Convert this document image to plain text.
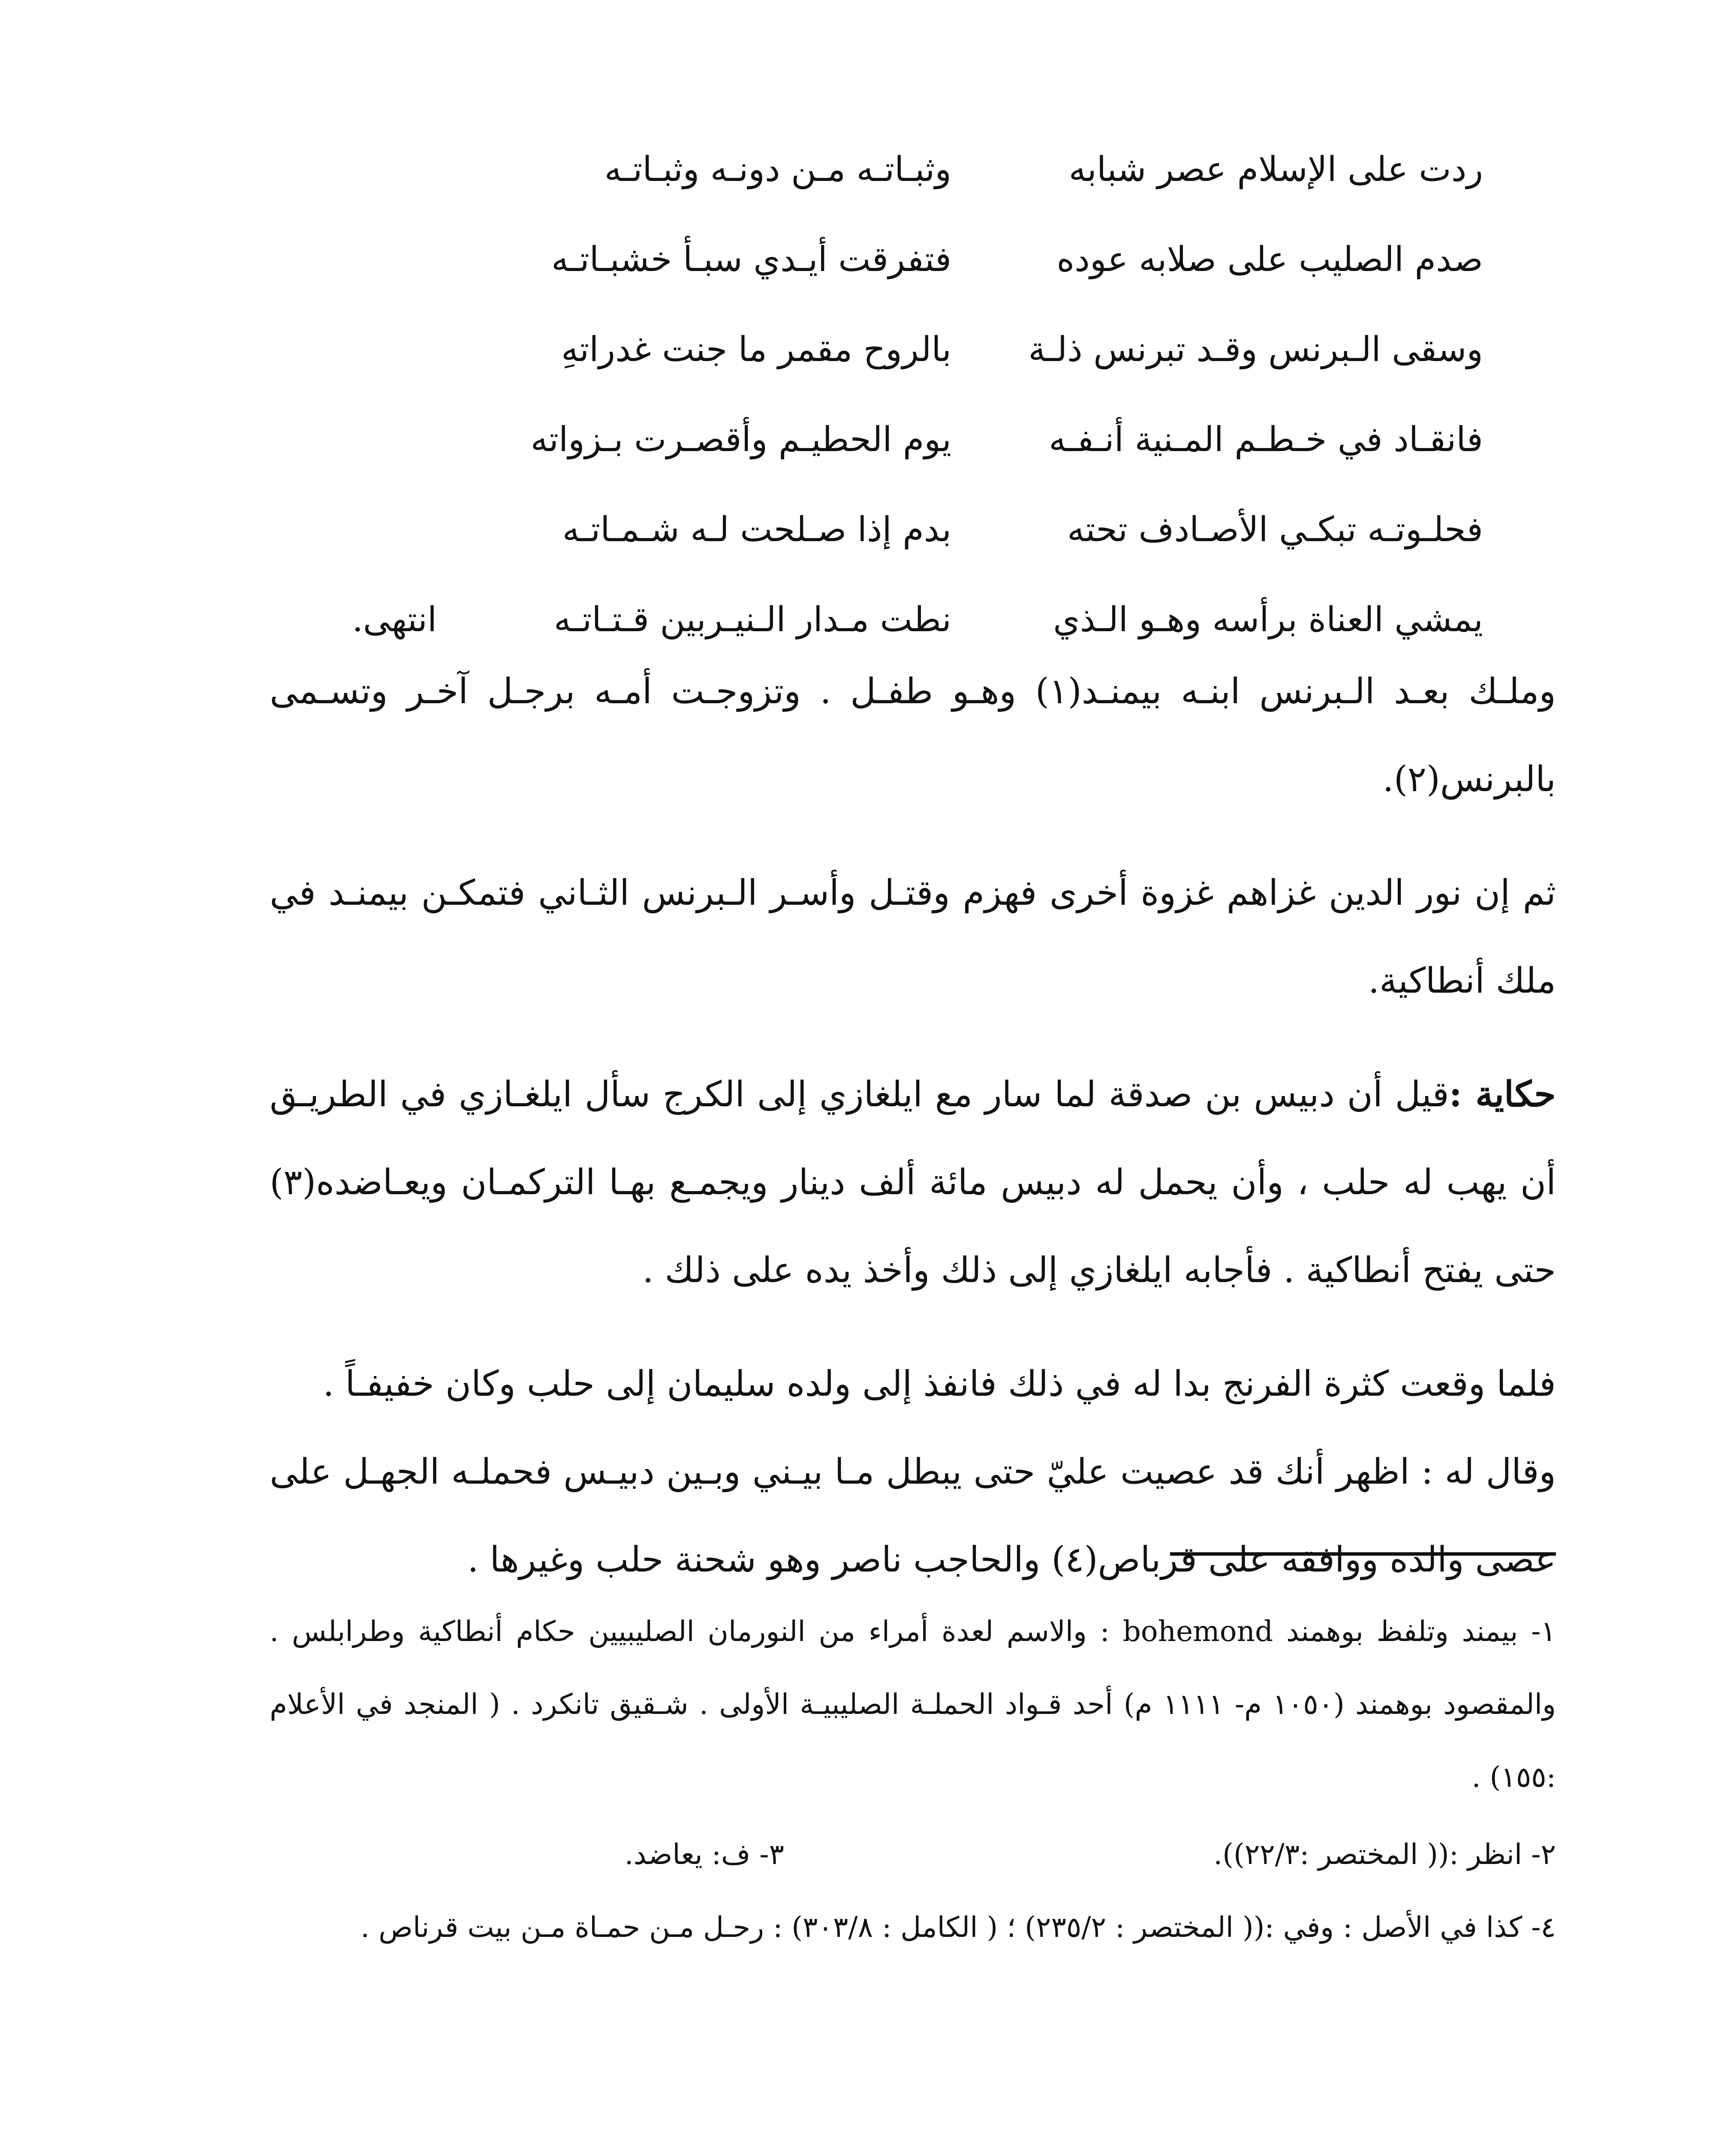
ردت على الإسلام عصر شبابه
وثبـاتـه مـن دونـه وثبـاتـه
صدم الصليب على صلابه عوده
فتفرقت أيـدي سبـأ خشبـاتـه
وسقى الـبرنس وقـد تبرنس ذلـة
بالروح مقمر ما جنت غدراتهِ
فانقـاد في خـطـم المـنية أنـفـه
يوم الحطيـم وأقصـرت بـزواته
فحلـوتـه تبكـي الأصـادف تحته
بدم إذا صـلحت لـه شـمـاتـه
يمشي العناة برأسه وهـو الـذي
نطت مـدار الـنيـربين قـتـاتـه
انتهى.

وملـك بعـد الـبرنس ابنـه بيمنـد(١) وهـو طفـل . وتزوجـت أمـه برجـل آخـر وتسـمى بالبرنس(٢).

ثم إن نور الدين غزاهم غزوة أخرى فهزم وقتـل وأسـر الـبرنس الثـاني فتمكـن بيمنـد في ملك أنطاكية.

حكاية :قيل أن دبيس بن صدقة لما سار مع ايلغازي إلى الكرج سأل ايلغـازي في الطريـق أن يهب له حلب ، وأن يحمل له دبيس مائة ألف دينار ويجمـع بهـا التركمـان ويعـاضده(٣) حتى يفتح أنطاكية . فأجابه ايلغازي إلى ذلك وأخذ يده على ذلك .

فلما وقعت كثرة الفرنج بدا له في ذلك فانفذ إلى ولده سليمان إلى حلب وكان خفيفـاً .

وقال له : اظهر أنك قد عصيت عليّ حتى يبطل مـا بيـني وبـين دبيـس فحملـه الجهـل على عصى والده ووافقه على قرباص(٤) والحاجب ناصر وهو شحنة حلب وغيرها .

١- بيمند وتلفظ بوهمند bohemond : والاسم لعدة أمراء من النورمان الصليبيين حكام أنطاكية وطرابلس . والمقصود بوهمند (١٠٥٠ م- ١١١١ م) أحد قـواد الحملـة الصليبيـة الأولى . شـقيق تانكرد . ( المنجد في الأعلام :١٥٥) .

٢- انظر :(( المختصر :٢٢/٣)).
٣- ف: يعاضد.

٤- كذا في الأصل : وفي :(( المختصر : ٢٣٥/٢) ؛ ( الكامل : ٣٠٣/٨) : رحـل مـن حمـاة مـن بيت قرناص .
